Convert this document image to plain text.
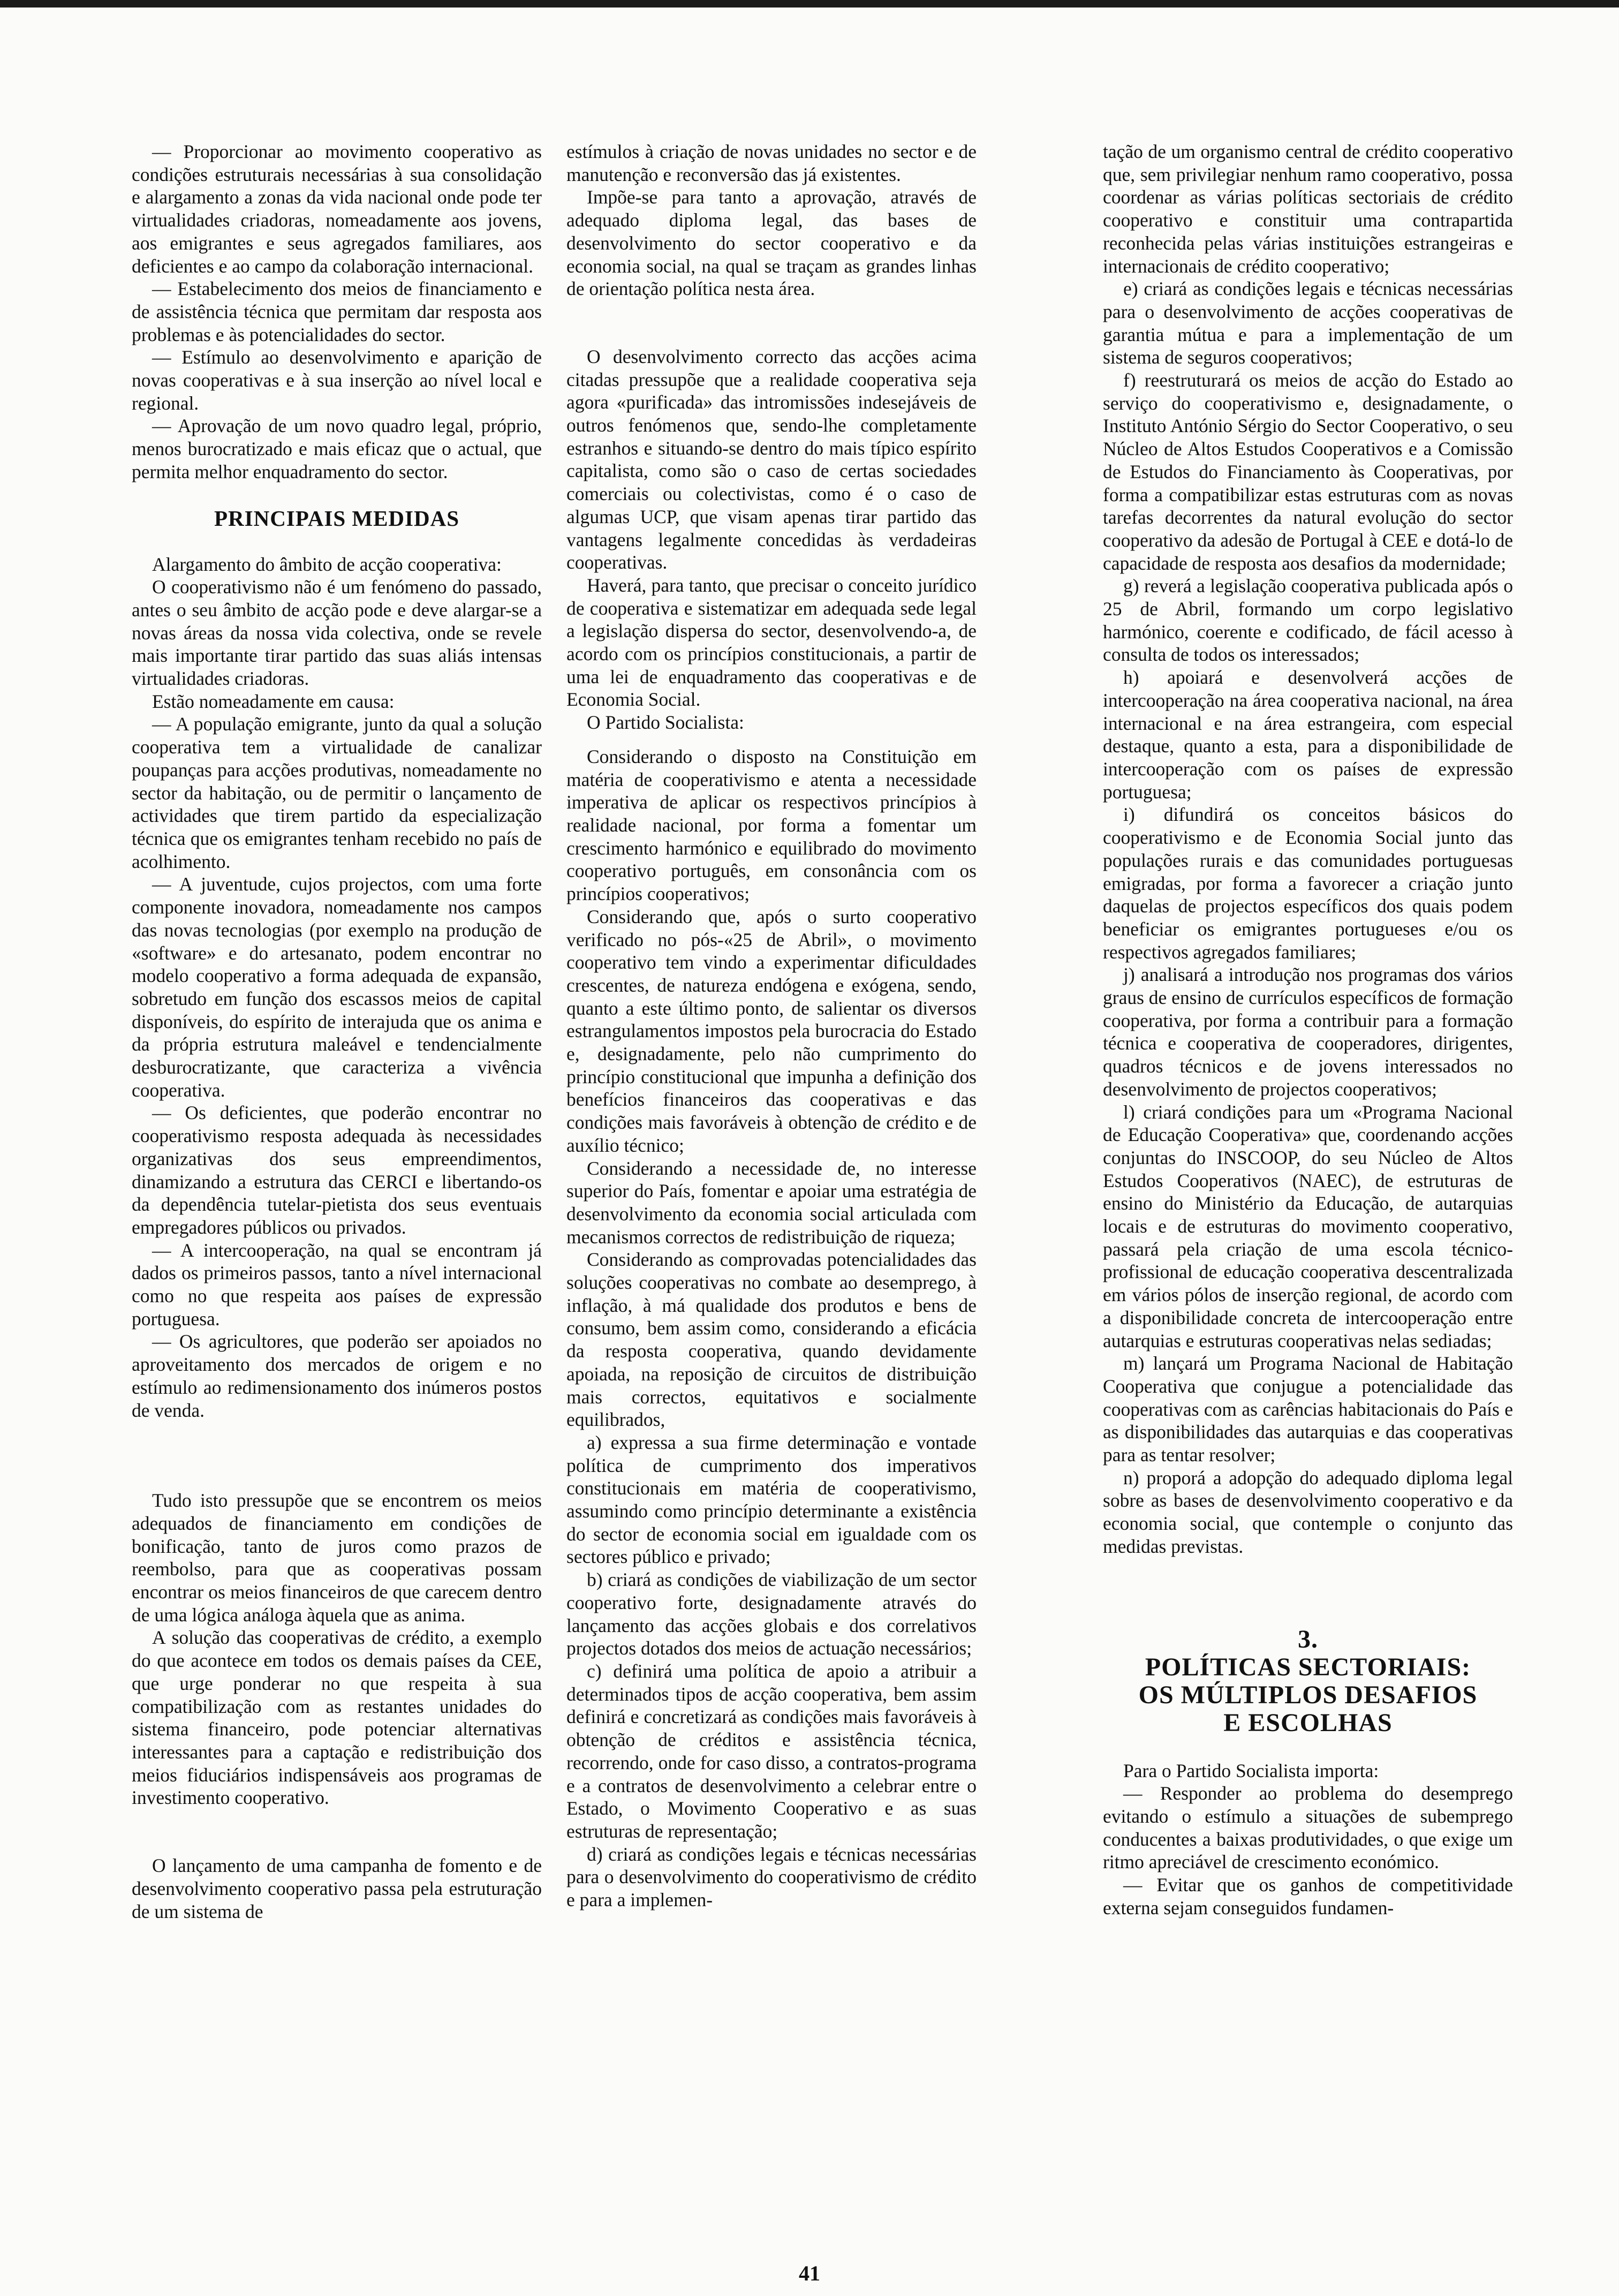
— Proporcionar ao movimento cooperativo as condições estruturais necessárias à sua consolidação e alargamento a zonas da vida nacional onde pode ter virtualidades criadoras, nomeadamente aos jovens, aos emigrantes e seus agregados familiares, aos deficientes e ao campo da colaboração internacional.

— Estabelecimento dos meios de financiamento e de assistência técnica que permitam dar resposta aos problemas e às potencialidades do sector.

— Estímulo ao desenvolvimento e aparição de novas cooperativas e à sua inserção ao nível local e regional.

— Aprovação de um novo quadro legal, próprio, menos burocratizado e mais eficaz que o actual, que permita melhor enquadramento do sector.

PRINCIPAIS MEDIDAS

Alargamento do âmbito de acção cooperativa:

O cooperativismo não é um fenómeno do passado, antes o seu âmbito de acção pode e deve alargar-se a novas áreas da nossa vida colectiva, onde se revele mais importante tirar partido das suas aliás intensas virtualidades criadoras.

Estão nomeadamente em causa:

— A população emigrante, junto da qual a solução cooperativa tem a virtualidade de canalizar poupanças para acções produtivas, nomeadamente no sector da habitação, ou de permitir o lançamento de actividades que tirem partido da especialização técnica que os emigrantes tenham recebido no país de acolhimento.

— A juventude, cujos projectos, com uma forte componente inovadora, nomeadamente nos campos das novas tecnologias (por exemplo na produção de «software» e do artesanato, podem encontrar no modelo cooperativo a forma adequada de expansão, sobretudo em função dos escassos meios de capital disponíveis, do espírito de interajuda que os anima e da própria estrutura maleável e tendencialmente desburocratizante, que caracteriza a vivência cooperativa.

— Os deficientes, que poderão encontrar no cooperativismo resposta adequada às necessidades organizativas dos seus empreendimentos, dinamizando a estrutura das CERCI e libertando-os da dependência tutelar-pietista dos seus eventuais empregadores públicos ou privados.

— A intercooperação, na qual se encontram já dados os primeiros passos, tanto a nível internacional como no que respeita aos países de expressão portuguesa.

— Os agricultores, que poderão ser apoiados no aproveitamento dos mercados de origem e no estímulo ao redimensionamento dos inúmeros postos de venda.

Tudo isto pressupõe que se encontrem os meios adequados de financiamento em condições de bonificação, tanto de juros como prazos de reembolso, para que as cooperativas possam encontrar os meios financeiros de que carecem dentro de uma lógica análoga àquela que as anima.

A solução das cooperativas de crédito, a exemplo do que acontece em todos os demais países da CEE, que urge ponderar no que respeita à sua compatibilização com as restantes unidades do sistema financeiro, pode potenciar alternativas interessantes para a captação e redistribuição dos meios fiduciários indispensáveis aos programas de investimento cooperativo.

O lançamento de uma campanha de fomento e de desenvolvimento cooperativo passa pela estruturação de um sistema de

estímulos à criação de novas unidades no sector e de manutenção e reconversão das já existentes.

Impõe-se para tanto a aprovação, através de adequado diploma legal, das bases de desenvolvimento do sector cooperativo e da economia social, na qual se traçam as grandes linhas de orientação política nesta área.

O desenvolvimento correcto das acções acima citadas pressupõe que a realidade cooperativa seja agora «purificada» das intromissões indesejáveis de outros fenómenos que, sendo-lhe completamente estranhos e situando-se dentro do mais típico espírito capitalista, como são o caso de certas sociedades comerciais ou colectivistas, como é o caso de algumas UCP, que visam apenas tirar partido das vantagens legalmente concedidas às verdadeiras cooperativas.

Haverá, para tanto, que precisar o conceito jurídico de cooperativa e sistematizar em adequada sede legal a legislação dispersa do sector, desenvolvendo-a, de acordo com os princípios constitucionais, a partir de uma lei de enquadramento das cooperativas e de Economia Social.

O Partido Socialista:

Considerando o disposto na Constituição em matéria de cooperativismo e atenta a necessidade imperativa de aplicar os respectivos princípios à realidade nacional, por forma a fomentar um crescimento harmónico e equilibrado do movimento cooperativo português, em consonância com os princípios cooperativos;

Considerando que, após o surto cooperativo verificado no pós-«25 de Abril», o movimento cooperativo tem vindo a experimentar dificuldades crescentes, de natureza endógena e exógena, sendo, quanto a este último ponto, de salientar os diversos estrangulamentos impostos pela burocracia do Estado e, designadamente, pelo não cumprimento do princípio constitucional que impunha a definição dos benefícios financeiros das cooperativas e das condições mais favoráveis à obtenção de crédito e de auxílio técnico;

Considerando a necessidade de, no interesse superior do País, fomentar e apoiar uma estratégia de desenvolvimento da economia social articulada com mecanismos correctos de redistribuição de riqueza;

Considerando as comprovadas potencialidades das soluções cooperativas no combate ao desemprego, à inflação, à má qualidade dos produtos e bens de consumo, bem assim como, considerando a eficácia da resposta cooperativa, quando devidamente apoiada, na reposição de circuitos de distribuição mais correctos, equitativos e socialmente equilibrados,

a) expressa a sua firme determinação e vontade política de cumprimento dos imperativos constitucionais em matéria de cooperativismo, assumindo como princípio determinante a existência do sector de economia social em igualdade com os sectores público e privado;

b) criará as condições de viabilização de um sector cooperativo forte, designadamente através do lançamento das acções globais e dos correlativos projectos dotados dos meios de actuação necessários;

c) definirá uma política de apoio a atribuir a determinados tipos de acção cooperativa, bem assim definirá e concretizará as condições mais favoráveis à obtenção de créditos e assistência técnica, recorrendo, onde for caso disso, a contratos-programa e a contratos de desenvolvimento a celebrar entre o Estado, o Movimento Cooperativo e as suas estruturas de representação;

d) criará as condições legais e técnicas necessárias para o desenvolvimento do cooperativismo de crédito e para a implemen-

tação de um organismo central de crédito cooperativo que, sem privilegiar nenhum ramo cooperativo, possa coordenar as várias políticas sectoriais de crédito cooperativo e constituir uma contrapartida reconhecida pelas várias instituições estrangeiras e internacionais de crédito cooperativo;

e) criará as condições legais e técnicas necessárias para o desenvolvimento de acções cooperativas de garantia mútua e para a implementação de um sistema de seguros cooperativos;

f) reestruturará os meios de acção do Estado ao serviço do cooperativismo e, designadamente, o Instituto António Sérgio do Sector Cooperativo, o seu Núcleo de Altos Estudos Cooperativos e a Comissão de Estudos do Financiamento às Cooperativas, por forma a compatibilizar estas estruturas com as novas tarefas decorrentes da natural evolução do sector cooperativo da adesão de Portugal à CEE e dotá-lo de capacidade de resposta aos desafios da modernidade;

g) reverá a legislação cooperativa publicada após o 25 de Abril, formando um corpo legislativo harmónico, coerente e codificado, de fácil acesso à consulta de todos os interessados;

h) apoiará e desenvolverá acções de intercooperação na área cooperativa nacional, na área internacional e na área estrangeira, com especial destaque, quanto a esta, para a disponibilidade de intercooperação com os países de expressão portuguesa;

i) difundirá os conceitos básicos do cooperativismo e de Economia Social junto das populações rurais e das comunidades portuguesas emigradas, por forma a favorecer a criação junto daquelas de projectos específicos dos quais podem beneficiar os emigrantes portugueses e/ou os respectivos agregados familiares;

j) analisará a introdução nos programas dos vários graus de ensino de currículos específicos de formação cooperativa, por forma a contribuir para a formação técnica e cooperativa de cooperadores, dirigentes, quadros técnicos e de jovens interessados no desenvolvimento de projectos cooperativos;

l) criará condições para um «Programa Nacional de Educação Cooperativa» que, coordenando acções conjuntas do INSCOOP, do seu Núcleo de Altos Estudos Cooperativos (NAEC), de estruturas de ensino do Ministério da Educação, de autarquias locais e de estruturas do movimento cooperativo, passará pela criação de uma escola técnico-profissional de educação cooperativa descentralizada em vários pólos de inserção regional, de acordo com a disponibilidade concreta de intercooperação entre autarquias e estruturas cooperativas nelas sediadas;

m) lançará um Programa Nacional de Habitação Cooperativa que conjugue a potencialidade das cooperativas com as carências habitacionais do País e as disponibilidades das autarquias e das cooperativas para as tentar resolver;

n) proporá a adopção do adequado diploma legal sobre as bases de desenvolvimento cooperativo e da economia social, que contemple o conjunto das medidas previstas.

3.
POLÍTICAS SECTORIAIS:
OS MÚLTIPLOS DESAFIOS
E ESCOLHAS

Para o Partido Socialista importa:

— Responder ao problema do desemprego evitando o estímulo a situações de subemprego conducentes a baixas produtividades, o que exige um ritmo apreciável de crescimento económico.

— Evitar que os ganhos de competitividade externa sejam conseguidos fundamen-

41
